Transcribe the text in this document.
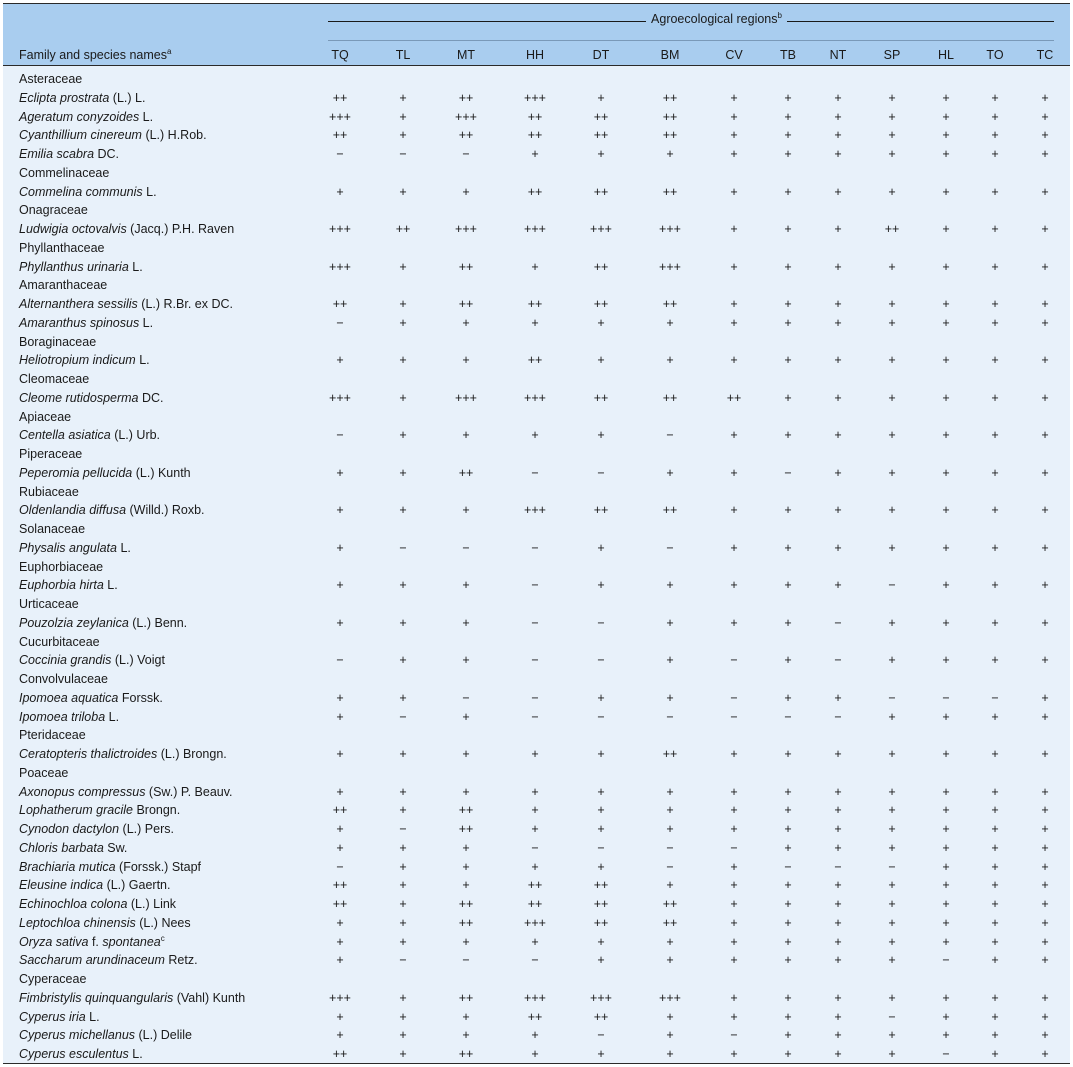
Agroecological regions$^b$
Family and species names$^a$	TQ	TL	MT	HH	DT	BM	CV	TB	NT	SP	HL	TO	TC
Asteraceae
Eclipta prostrata (L.) L.	++	+	++	+++	+	++	+	+	+	+	+	+	+
Ageratum conyzoides L.	+++	+	+++	++	++	++	+	+	+	+	+	+	+
Cyanthillium cinereum (L.) H.Rob.	++	+	++	++	++	++	+	+	+	+	+	+	+
Emilia scabra DC.	−	−	−	+	+	+	+	+	+	+	+	+	+
Commelinaceae
Commelina communis L.	+	+	+	++	++	++	+	+	+	+	+	+	+
Onagraceae
Ludwigia octovalvis (Jacq.) P.H. Raven	+++	++	+++	+++	+++	+++	+	+	+	++	+	+	+
Phyllanthaceae
Phyllanthus urinaria L.	+++	+	++	+	++	+++	+	+	+	+	+	+	+
Amaranthaceae
Alternanthera sessilis (L.) R.Br. ex DC.	++	+	++	++	++	++	+	+	+	+	+	+	+
Amaranthus spinosus L.	−	+	+	+	+	+	+	+	+	+	+	+	+
Boraginaceae
Heliotropium indicum L.	+	+	+	++	+	+	+	+	+	+	+	+	+
Cleomaceae
Cleome rutidosperma DC.	+++	+	+++	+++	++	++	++	+	+	+	+	+	+
Apiaceae
Centella asiatica (L.) Urb.	−	+	+	+	+	−	+	+	+	+	+	+	+
Piperaceae
Peperomia pellucida (L.) Kunth	+	+	++	−	−	+	+	−	+	+	+	+	+
Rubiaceae
Oldenlandia diffusa (Willd.) Roxb.	+	+	+	+++	++	++	+	+	+	+	+	+	+
Solanaceae
Physalis angulata L.	+	−	−	−	+	−	+	+	+	+	+	+	+
Euphorbiaceae
Euphorbia hirta L.	+	+	+	−	+	+	+	+	+	−	+	+	+
Urticaceae
Pouzolzia zeylanica (L.) Benn.	+	+	+	−	−	+	+	+	−	+	+	+	+
Cucurbitaceae
Coccinia grandis (L.) Voigt	−	+	+	−	−	+	−	+	−	+	+	+	+
Convolvulaceae
Ipomoea aquatica Forssk.	+	+	−	−	+	+	−	+	+	−	−	−	+
Ipomoea triloba L.	+	−	+	−	−	−	−	−	−	+	+	+	+
Pteridaceae
Ceratopteris thalictroides (L.) Brongn.	+	+	+	+	+	++	+	+	+	+	+	+	+
Poaceae
Axonopus compressus (Sw.) P. Beauv.	+	+	+	+	+	+	+	+	+	+	+	+	+
Lophatherum gracile Brongn.	++	+	++	+	+	+	+	+	+	+	+	+	+
Cynodon dactylon (L.) Pers.	+	−	++	+	+	+	+	+	+	+	+	+	+
Chloris barbata Sw.	+	+	+	−	−	−	−	+	+	+	+	+	+
Brachiaria mutica (Forssk.) Stapf	−	+	+	+	+	−	+	−	−	−	+	+	+
Eleusine indica (L.) Gaertn.	++	+	+	++	++	+	+	+	+	+	+	+	+
Echinochloa colona (L.) Link	++	+	++	++	++	++	+	+	+	+	+	+	+
Leptochloa chinensis (L.) Nees	+	+	++	+++	++	++	+	+	+	+	+	+	+
Oryza sativa f. spontanea$^c$	+	+	+	+	+	+	+	+	+	+	+	+	+
Saccharum arundinaceum Retz.	+	−	−	−	+	+	+	+	+	+	−	+	+
Cyperaceae
Fimbristylis quinquangularis (Vahl) Kunth	+++	+	++	+++	+++	+++	+	+	+	+	+	+	+
Cyperus iria L.	+	+	+	++	++	+	+	+	+	−	+	+	+
Cyperus michellanus (L.) Delile	+	+	+	+	−	+	−	+	+	+	+	+	+
Cyperus esculentus L.	++	+	++	+	+	+	+	+	+	+	−	+	+
